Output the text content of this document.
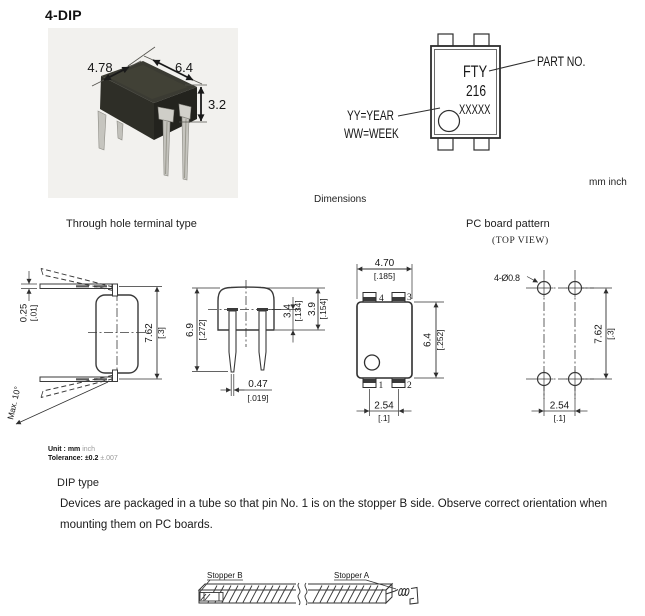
4-DIP
4.78	6.4
3.2
Through hole terminal type
FTY
216
XXXXX
PART NO.
YY=YEAR
WW=WEEK
mm inch
Dimensions
PC board pattern
(TOP VIEW)
0.25 [.01]
7.62 [.3]
Max. 10°
6.9 [.272]
3.4 [.134] 3.9 [.154]
0.47
[.019]
4.70
[.185]
6.4 [.252]
2.54
[.1]
4 3
1	2
4-Ø0.8
7.62 [.3]
2.54
[.1]
Unit : mm inch
Tolerance: ±0.2 ±.007
DIP type
Devices are packaged in a tube so that pin No. 1 is on the stopper B side. Observe correct orientation when mounting them on PC boards.
Stopper B	Stopper A
